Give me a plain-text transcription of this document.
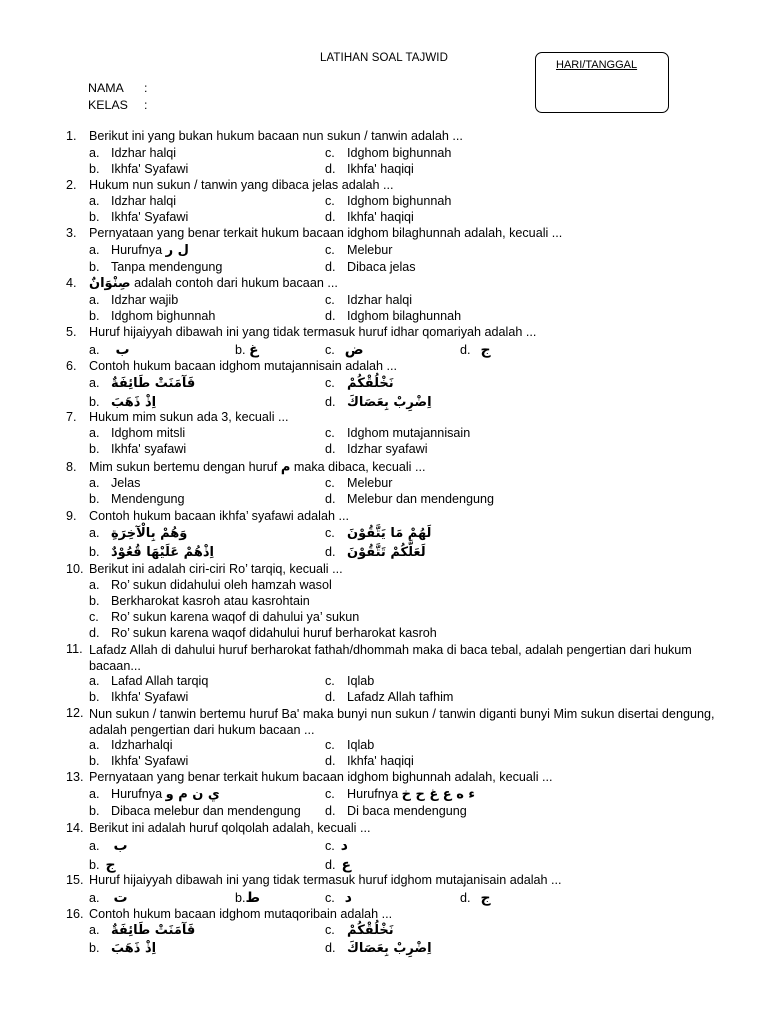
LATIHAN SOAL TAJWID
HARI/TANGGAL
NAMA :
KELAS :
1. Berikut ini yang bukan hukum bacaan nun sukun / tanwin adalah ...
a. Idzhar halqi	c. Idghom bighunnah
b. Ikhfa' Syafawi	d. Ikhfa' haqiqi
2. Hukum nun sukun / tanwin yang dibaca jelas adalah ...
a. Idzhar halqi	c. Idghom bighunnah
b. Ikhfa' Syafawi	d. Ikhfa' haqiqi
3. Pernyataan yang benar terkait hukum bacaan idghom bilaghunnah adalah, kecuali ...
a. Hurufnya ل ر	c. Melebur
b. Tanpa mendengung	d. Dibaca jelas
4. صِنْوَانٌ adalah contoh dari hukum bacaan ...
a. Idzhar wajib	c. Idzhar halqi
b. Idghom bighunnah	d. Idghom bilaghunnah
5. Huruf hijaiyyah dibawah ini yang tidak termasuk huruf idhar qomariyah adalah ...
a. ب	b. غ	c. ض	d. ج
6. Contoh hukum bacaan idghom mutajannisain adalah ...
a. فَآمَنَتْ طَائِفَةٌ	c. نَخْلُقْكُمْ
b. اِذْ ذَهَبَ	d. اِضْرِبْ بِعَصَاكَ
7. Hukum mim sukun ada 3, kecuali ...
a. Idghom mitsli	c. Idghom mutajannisain
b. Ikhfa' syafawi	d. Idzhar syafawi
8. Mim sukun bertemu dengan huruf م maka dibaca, kecuali ...
a. Jelas	c. Melebur
b. Mendengung	d. Melebur dan mendengung
9. Contoh hukum bacaan ikhfa’ syafawi adalah ...
a. وَهُمْ بِالْآخِرَةِ	c. لَهُمْ مَا يَتَّقُوْنَ
b. اِذْهُمْ عَلَيْهَا قُعُوْدٌ	d. لَعَلَّكُمْ تَتَّقُوْنَ
10. Berikut ini adalah ciri-ciri Ro’ tarqiq, kecuali ...
a. Ro’ sukun didahului oleh hamzah wasol
b. Berkharokat kasroh atau kasrohtain
c. Ro’ sukun karena waqof di dahului ya’ sukun
d. Ro’ sukun karena waqof didahului huruf berharokat kasroh
11. Lafadz Allah di dahului huruf berharokat fathah/dhommah maka di baca tebal, adalah pengertian dari hukum bacaan...
a. Lafad Allah tarqiq	c. Iqlab
b. Ikhfa' Syafawi	d. Lafadz Allah tafhim
12. Nun sukun / tanwin bertemu huruf Ba' maka bunyi nun sukun / tanwin diganti bunyi Mim sukun disertai dengung, adalah pengertian dari hukum bacaan ...
a. Idzharhalqi	c. Iqlab
b. Ikhfa' Syafawi	d. Ikhfa' haqiqi
13. Pernyataan yang benar terkait hukum bacaan idghom bighunnah adalah, kecuali ...
a. Hurufnya ي ن م و	c. Hurufnya ء ه ع غ ح خ
b. Dibaca melebur dan mendengung d. Di baca mendengung
14. Berikut ini adalah huruf qolqolah adalah, kecuali ...
a. ب	c. د
b. ج	d. ع
15. Huruf hijaiyyah dibawah ini yang tidak termasuk huruf idghom mutajanisain adalah ...
a. ت	b.ط	c. د	d. ج
16. Contoh hukum bacaan idghom mutaqoribain adalah ...
a. فَآمَنَتْ طَائِفَةٌ	c. نَخْلُقْكُمْ
b. اِذْ ذَهَبَ	d. اِضْرِبْ بِعَصَاكَ
